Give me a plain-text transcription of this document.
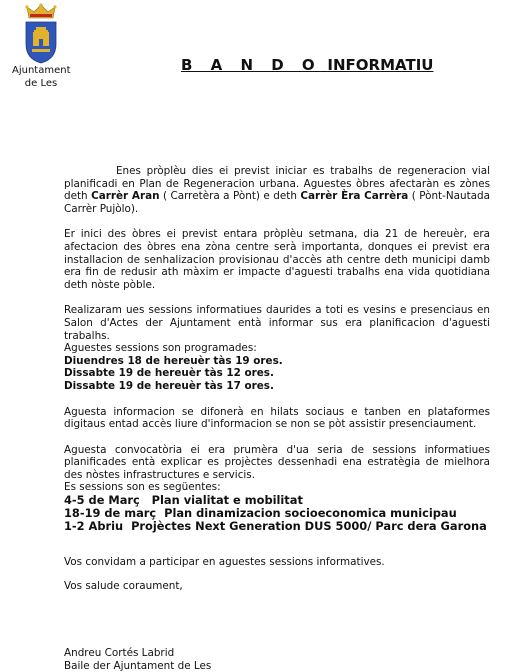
Ajuntament
de Les
B A N D O INFORMATIU

Enes pròplèu dies ei previst iniciar es trabalhs de regeneracion vial planificadi en Plan de Regeneracion urbana. Aguestes òbres afectaràn es zònes deth Carrèr Aran ( Carretèra a Pònt) e deth Carrèr Èra Carrèra ( Pònt-Nautada Carrèr Pujòlo).

Er inici des òbres ei previst entara pròplèu setmana, dia 21 de hereuèr, era afectacion des òbres ena zòna centre serà importanta, donques ei previst era installacion de senhalizacion provisionau d'accès ath centre deth municipi damb era fin de redusir ath màxim er impacte d'aguesti trabalhs ena vida quotidiana deth nòste pòble.

Realizaram ues sessions informatiues daurides a toti es vesins e presenciaus en Salon d'Actes der Ajuntament entà informar sus era planificacion d'aguesti trabalhs.

Aguestes sessions son programades:

Diuendres 18 de hereuèr tàs 19 ores.

Dissabte 19 de hereuèr tàs 12 ores.

Dissabte 19 de hereuèr tàs 17 ores.

Aguesta informacion se difonerà en hilats sociaus e tanben en plataformes digitaus entad accès liure d'informacion se non se pòt assistir presenciaument.

Aguesta convocatòria ei era prumèra d'ua seria de sessions informatiues planificades entà explicar es projèctes dessenhadi ena estratègia de mielhora des nòstes infrastructures e servicis.

Es sessions son es següentes:

4-5 de Març   Plan vialitat e mobilitat

18-19 de març  Plan dinamizacion socioeconomica municipau

1-2 Abriu  Projèctes Next Generation DUS 5000/ Parc dera Garona

Vos convidam a participar en aguestes sessions informatives.

Vos salude coraument,

Andreu Cortés Labrid

Baile der Ajuntament de Les
